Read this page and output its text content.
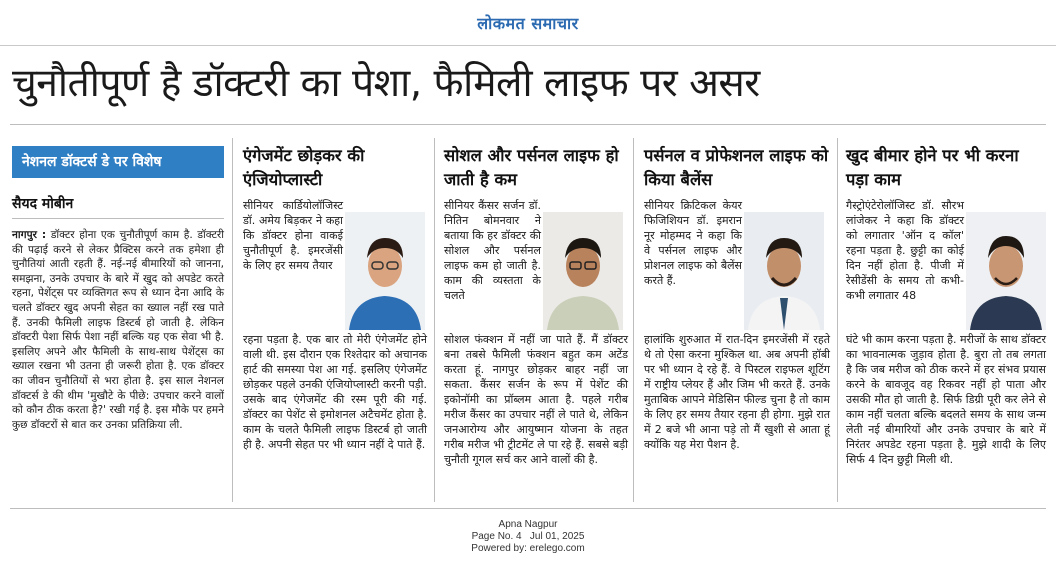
लोकमत समाचार
चुनौतीपूर्ण है डॉक्टरी का पेशा, फैमिली लाइफ पर असर
नेशनल डॉक्टर्स डे पर विशेष
सैयद मोबीन
नागपुर : डॉक्टर होना एक चुनौतीपूर्ण काम है. डॉक्टरी की पढ़ाई करने से लेकर प्रैक्टिस करने तक हमेशा ही चुनौतियां आती रहती हैं. नई-नई बीमारियों को जानना, समझना, उनके उपचार के बारे में खुद को अपडेट करते रहना, पेशेंट्स पर व्यक्तिगत रूप से ध्यान देना आदि के चलते डॉक्टर खुद अपनी सेहत का ख्याल नहीं रख पाते हैं. उनकी फैमिली लाइफ डिस्टर्ब हो जाती है. लेकिन डॉक्टरी पेशा सिर्फ पेशा नहीं बल्कि यह एक सेवा भी है. इसलिए अपने और फैमिली के साथ-साथ पेशेंट्स का ख्याल रखना भी उतना ही जरूरी होता है. एक डॉक्टर का जीवन चुनौतियों से भरा होता है. इस साल नेशनल डॉक्टर्स डे की थीम 'मुखौटे के पीछे: उपचार करने वालों को कौन ठीक करता है?' रखी गई है. इस मौके पर हमने कुछ डॉक्टरों से बात कर उनका प्रतिक्रिया ली.
एंगेजमेंट छोड़कर की एंजियोप्लास्टी
सीनियर कार्डियोलॉजिस्ट डॉ. अमेय बिड़कर ने कहा कि डॉक्टर होना वाकई चुनौतीपूर्ण है. इमरजेंसी के लिए हर समय तैयार
रहना पड़ता है. एक बार तो मेरी एंगेजमेंट होने वाली थी. इस दौरान एक रिश्तेदार को अचानक हार्ट की समस्या पेश आ गई. इसलिए एंगेजमेंट छोड़कर पहले उनकी एंजियोप्लास्टी करनी पड़ी. उसके बाद एंगेजमेंट की रस्म पूरी की गई. डॉक्टर का पेशेंट से इमोशनल अटैचमेंट होता है. काम के चलते फैमिली लाइफ डिस्टर्ब हो जाती ही है. अपनी सेहत पर भी ध्यान नहीं दे पाते हैं.
सोशल और पर्सनल लाइफ हो जाती है कम
सीनियर कैंसर सर्जन डॉ. नितिन बोमनवार ने बताया कि हर डॉक्टर की सोशल और पर्सनल लाइफ कम हो जाती है. काम की व्यस्तता के चलते
सोशल फंक्शन में नहीं जा पाते हैं. मैं डॉक्टर बना तबसे फैमिली फंक्शन बहुत कम अटेंड करता हूं. नागपुर छोड़कर बाहर नहीं जा सकता. कैंसर सर्जन के रूप में पेशेंट की इकोनॉमी का प्रॉब्लम आता है. पहले गरीब मरीज कैंसर का उपचार नहीं ले पाते थे, लेकिन जनआरोग्य और आयुष्मान योजना के तहत गरीब मरीज भी ट्रीटमेंट ले पा रहे हैं. सबसे बड़ी चुनौती गूगल सर्च कर आने वालों की है.
पर्सनल व प्रोफेशनल लाइफ को किया बैलेंस
सीनियर क्रिटिकल केयर फिजिशियन डॉ. इमरान नूर मोहम्मद ने कहा कि वे पर्सनल लाइफ और प्रोशनल लाइफ को बैलेंस करते हैं.
हालांकि शुरुआत में रात-दिन इमरजेंसी में रहते थे तो ऐसा करना मुश्किल था. अब अपनी हॉबी पर भी ध्यान दे रहे हैं. वे पिस्टल राइफल शूटिंग में राष्ट्रीय प्लेयर हैं और जिम भी करते हैं. उनके मुताबिक आपने मेडिसिन फील्ड चुना है तो काम के लिए हर समय तैयार रहना ही होगा. मुझे रात में 2 बजे भी आना पड़े तो मैं खुशी से आता हूं क्योंकि यह मेरा पैशन है.
खुद बीमार होने पर भी करना पड़ा काम
गैस्ट्रोएंटेरोलॉजिस्ट डॉ. सौरभ लांजेकर ने कहा कि डॉक्टर को लगातार 'ऑन द कॉल' रहना पड़ता है. छुट्टी का कोई दिन नहीं होता है. पीजी में रेसीडेंसी के समय तो कभी-कभी लगातार 48
घंटे भी काम करना पड़ता है. मरीजों के साथ डॉक्टर का भावनात्मक जुड़ाव होता है. बुरा तो तब लगता है कि जब मरीज को ठीक करने में हर संभव प्रयास करने के बावजूद वह रिकवर नहीं हो पाता और उसकी मौत हो जाती है. सिर्फ डिग्री पूरी कर लेने से काम नहीं चलता बल्कि बदलते समय के साथ जन्म लेती नई बीमारियों और उनके उपचार के बारे में निरंतर अपडेट रहना पड़ता है. मुझे शादी के लिए सिर्फ 4 दिन छुट्टी मिली थी.
Apna Nagpur
Page No. 4   Jul 01, 2025
Powered by: erelego.com
